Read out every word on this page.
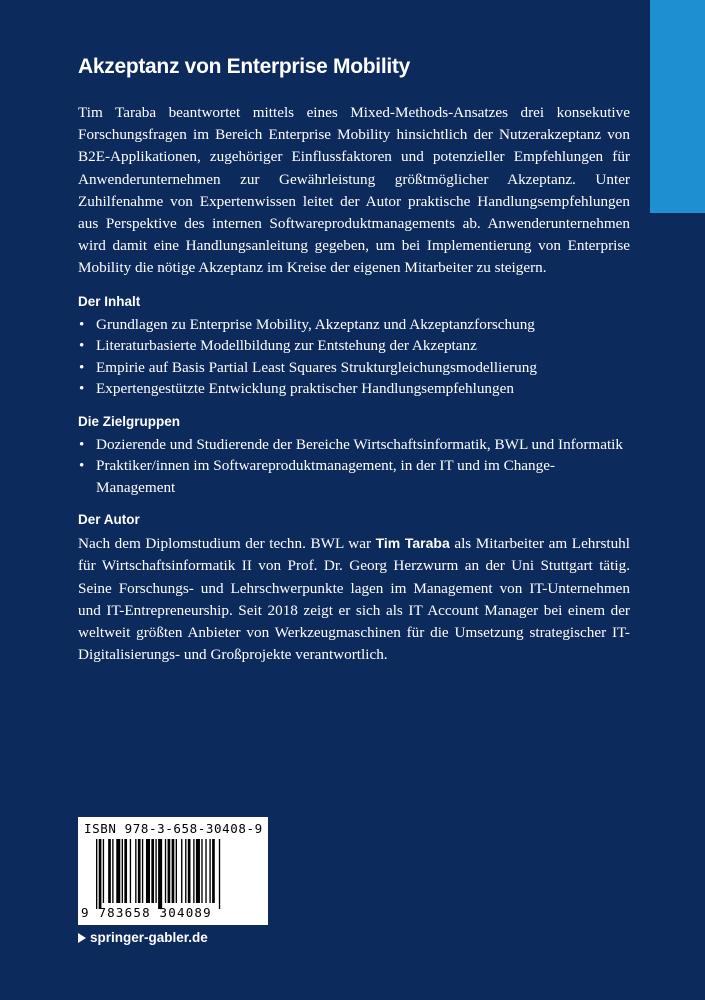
Akzeptanz von Enterprise Mobility

Tim Taraba beantwortet mittels eines Mixed-Methods-Ansatzes drei konsekutive Forschungsfragen im Bereich Enterprise Mobility hinsichtlich der Nutzerakzeptanz von B2E-Applikationen, zugehöriger Einflussfaktoren und potenzieller Empfehlungen für Anwenderunternehmen zur Gewährleistung größtmöglicher Akzeptanz. Unter Zuhilfenahme von Expertenwissen leitet der Autor praktische Handlungsempfehlungen aus Perspektive des internen Softwareproduktmanagements ab. Anwenderunternehmen wird damit eine Handlungsanleitung gegeben, um bei Implementierung von Enterprise Mobility die nötige Akzeptanz im Kreise der eigenen Mitarbeiter zu steigern.

Der Inhalt
• Grundlagen zu Enterprise Mobility, Akzeptanz und Akzeptanzforschung
• Literaturbasierte Modellbildung zur Entstehung der Akzeptanz
• Empirie auf Basis Partial Least Squares Strukturgleichungsmodellierung
• Expertengestützte Entwicklung praktischer Handlungsempfehlungen
Die Zielgruppen
• Dozierende und Studierende der Bereiche Wirtschaftsinformatik, BWL und Informatik
• Praktiker/innen im Softwareproduktmanagement, in der IT und im Change-Management
Der Autor

Nach dem Diplomstudium der techn. BWL war Tim Taraba als Mitarbeiter am Lehrstuhl für Wirtschaftsinformatik II von Prof. Dr. Georg Herzwurm an der Uni Stuttgart tätig. Seine Forschungs- und Lehrschwerpunkte lagen im Management von IT-Unternehmen und IT-Entrepreneurship. Seit 2018 zeigt er sich als IT Account Manager bei einem der weltweit größten Anbieter von Werkzeugmaschinen für die Umsetzung strategischer IT- Digitalisierungs- und Großprojekte verantwortlich.

ISBN 978-3-658-30408-9
9 783658 304089
springer-gabler.de
